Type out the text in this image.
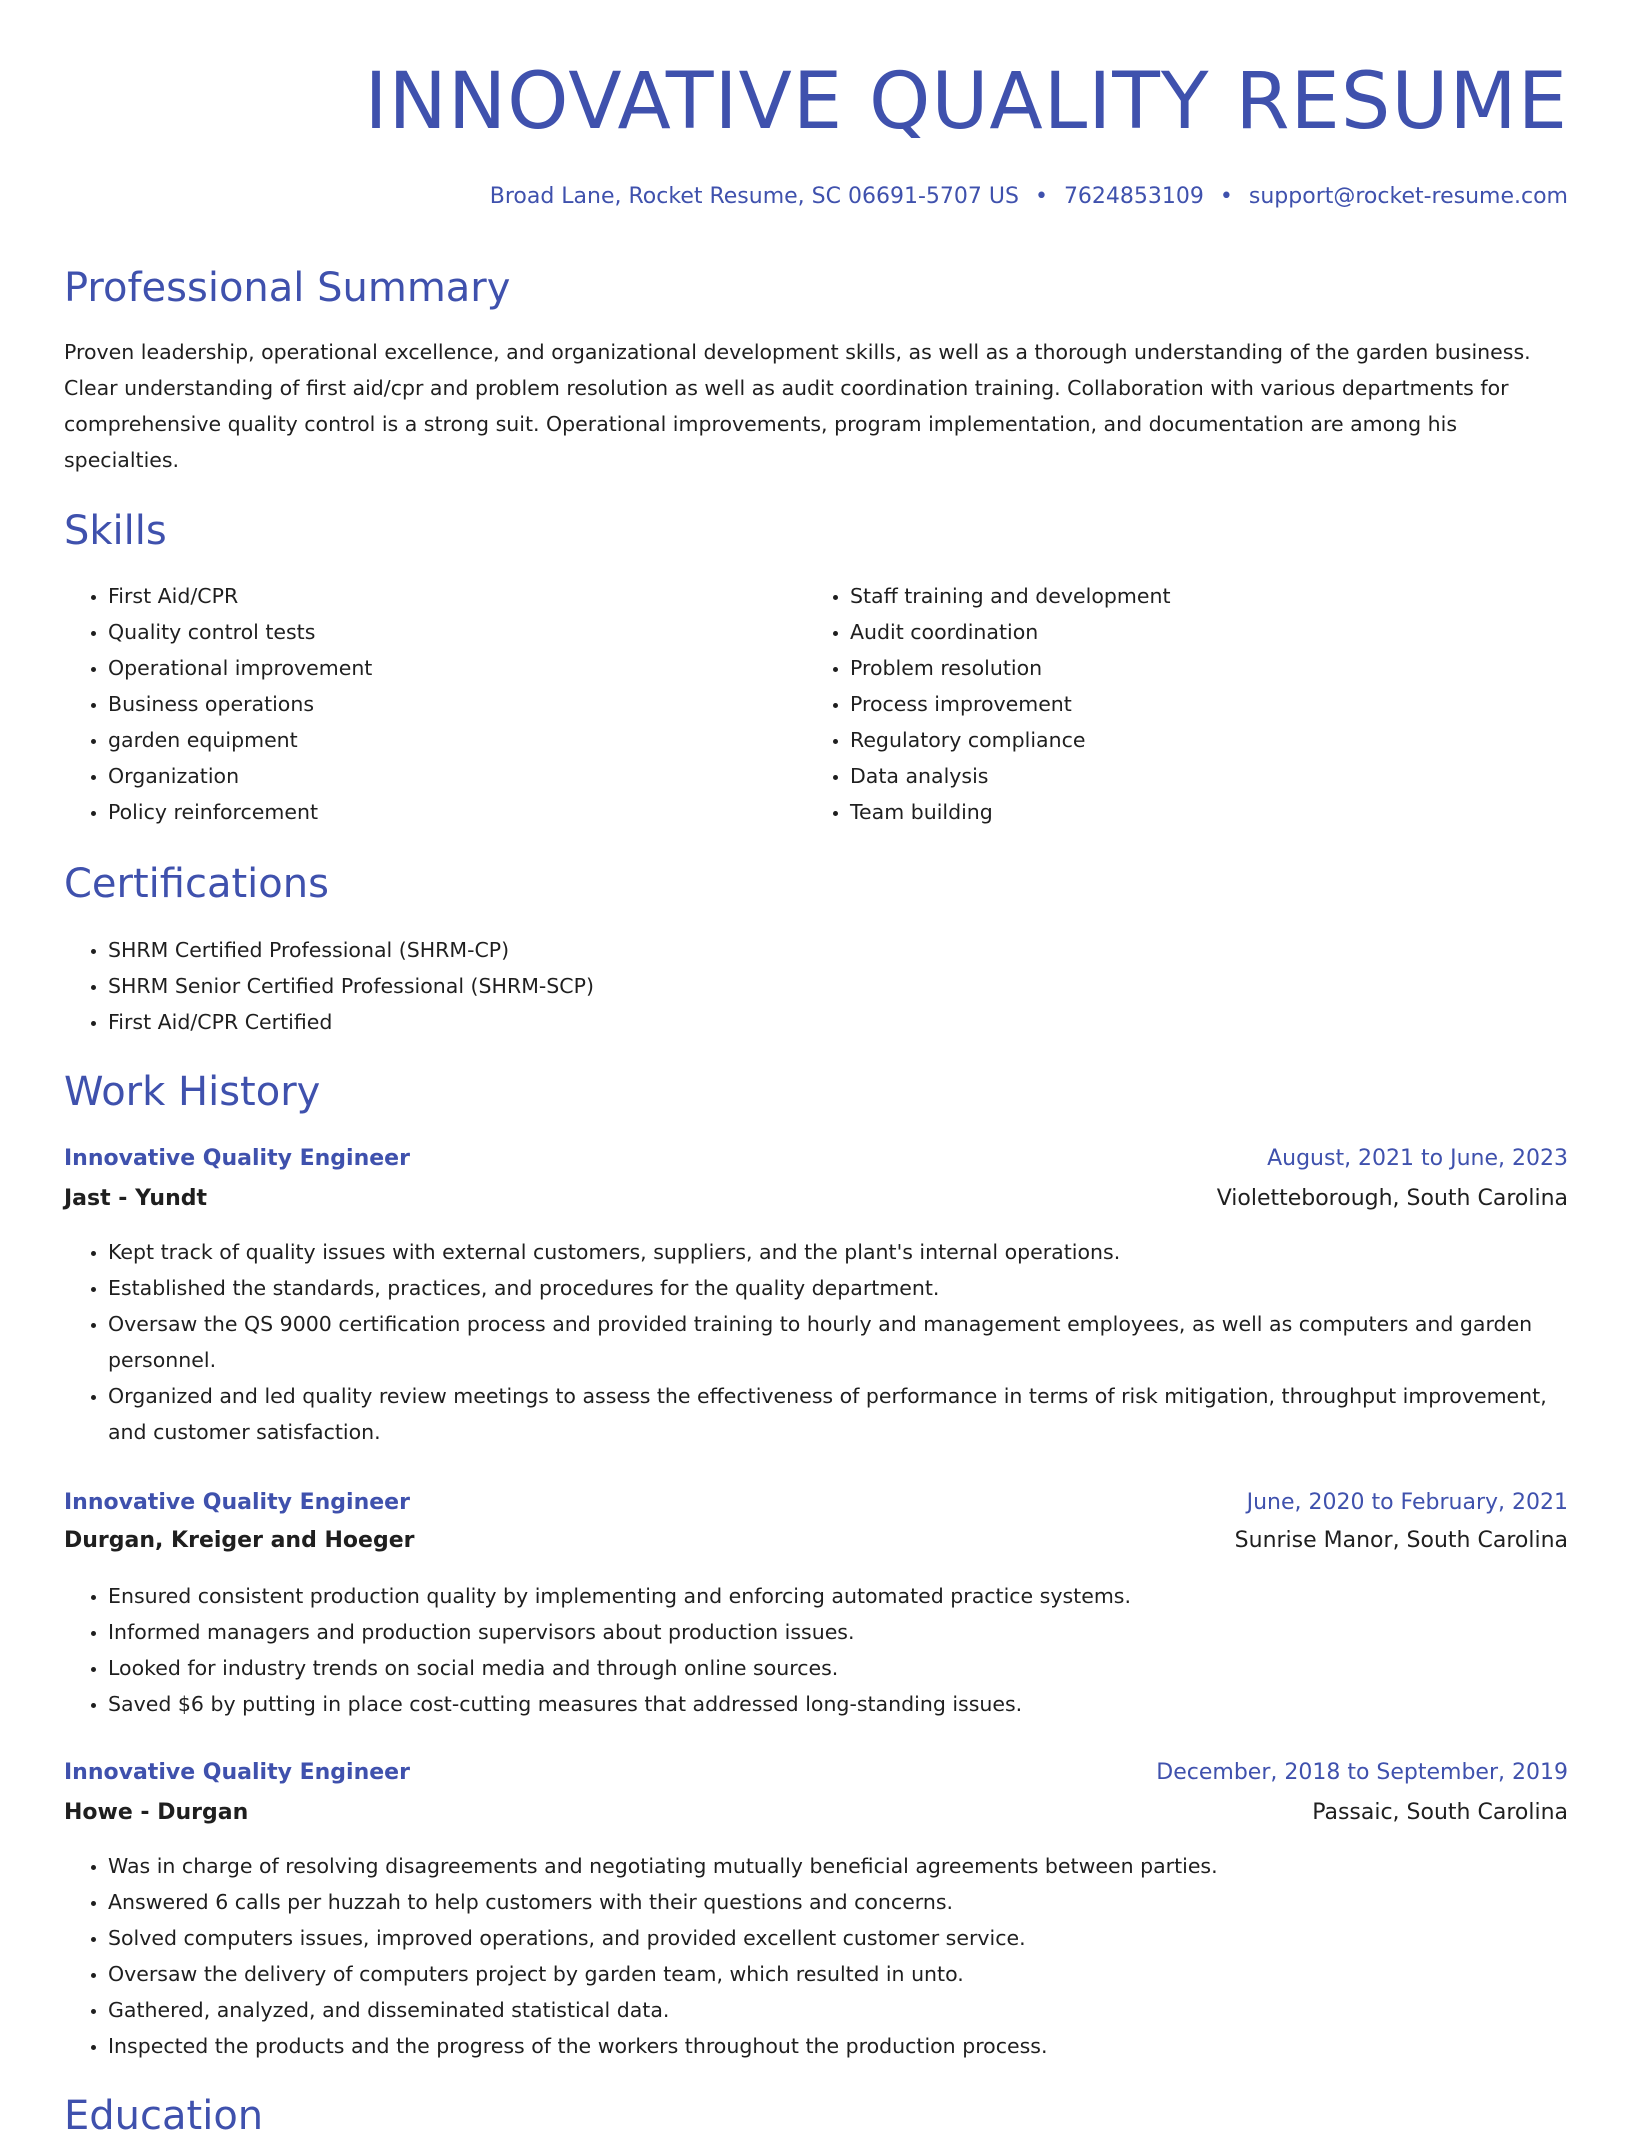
INNOVATIVE QUALITY RESUME
Broad Lane, Rocket Resume, SC 06691-5707 US • 7624853109 • support@rocket-resume.com
Professional Summary

Proven leadership, operational excellence, and organizational development skills, as well as a thorough understanding of the garden business. Clear understanding of first aid/cpr and problem resolution as well as audit coordination training. Collaboration with various departments for comprehensive quality control is a strong suit. Operational improvements, program implementation, and documentation are among his specialties.

Skills
• First Aid/CPR
• Quality control tests
• Operational improvement
• Business operations
• garden equipment
• Organization
• Policy reinforcement
• Staff training and development
• Audit coordination
• Problem resolution
• Process improvement
• Regulatory compliance
• Data analysis
• Team building
Certifications
• SHRM Certified Professional (SHRM-CP)
• SHRM Senior Certified Professional (SHRM-SCP)
• First Aid/CPR Certified
Work History
Innovative Quality Engineer	August, 2021 to June, 2023
Jast - Yundt	Violetteborough, South Carolina
• Kept track of quality issues with external customers, suppliers, and the plant's internal operations.
• Established the standards, practices, and procedures for the quality department.
• Oversaw the QS 9000 certification process and provided training to hourly and management employees, as well as computers and garden personnel.
• Organized and led quality review meetings to assess the effectiveness of performance in terms of risk mitigation, throughput improvement, and customer satisfaction.
Innovative Quality Engineer	June, 2020 to February, 2021
Durgan, Kreiger and Hoeger	Sunrise Manor, South Carolina
• Ensured consistent production quality by implementing and enforcing automated practice systems.
• Informed managers and production supervisors about production issues.
• Looked for industry trends on social media and through online sources.
• Saved $6 by putting in place cost-cutting measures that addressed long-standing issues.
Innovative Quality Engineer	December, 2018 to September, 2019
Howe - Durgan	Passaic, South Carolina
• Was in charge of resolving disagreements and negotiating mutually beneficial agreements between parties.
• Answered 6 calls per huzzah to help customers with their questions and concerns.
• Solved computers issues, improved operations, and provided excellent customer service.
• Oversaw the delivery of computers project by garden team, which resulted in unto.
• Gathered, analyzed, and disseminated statistical data.
• Inspected the products and the progress of the workers throughout the production process.
Education
